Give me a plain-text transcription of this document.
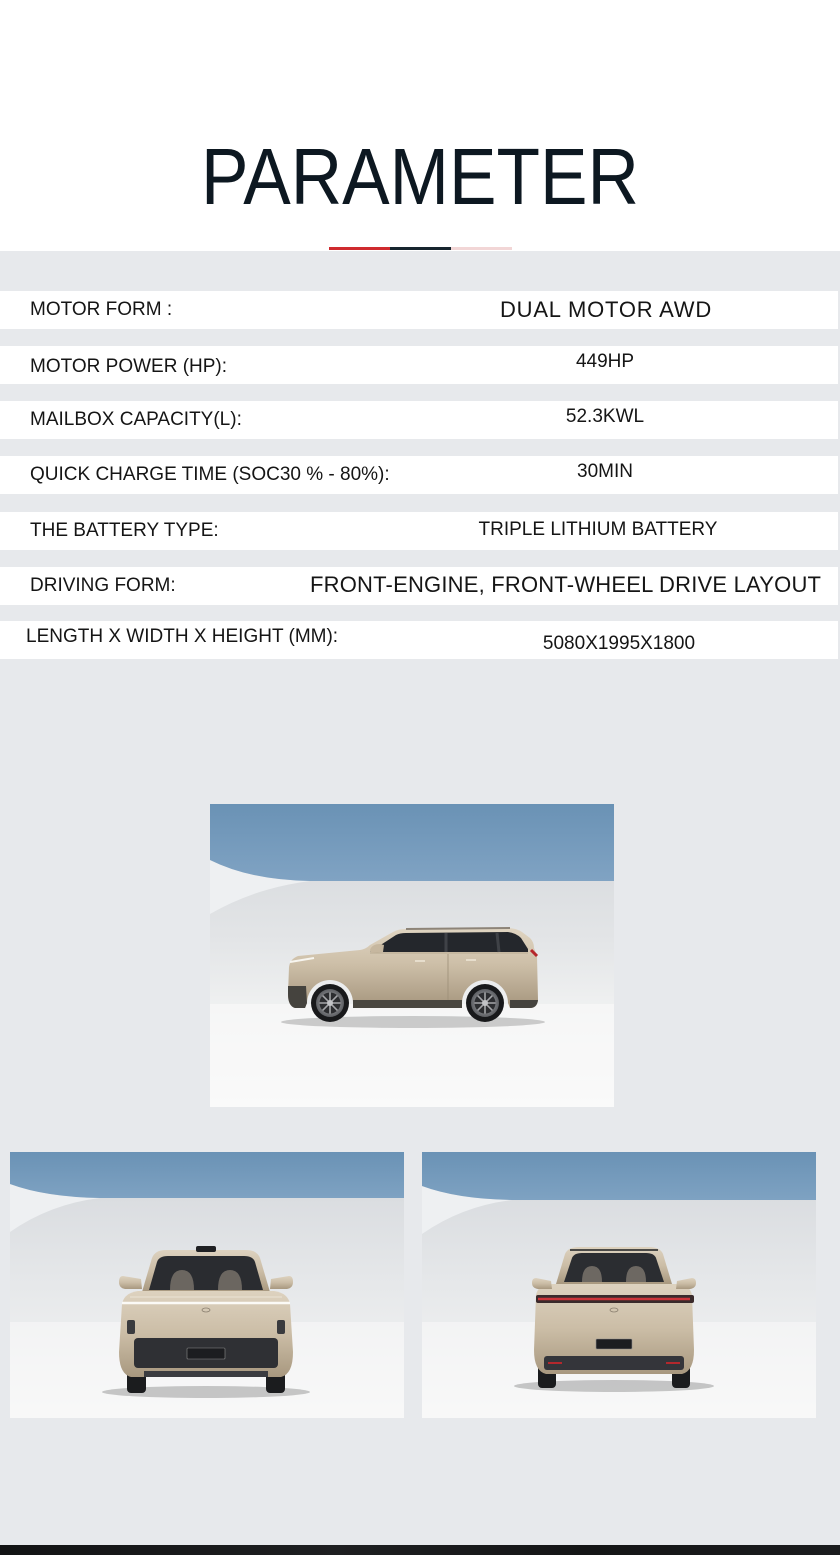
PARAMETER
MOTOR FORM :	DUAL MOTOR AWD
MOTOR POWER (HP):	449HP
MAILBOX CAPACITY(L):	52.3KWL
QUICK CHARGE TIME (SOC30 % - 80%):	30MIN
THE BATTERY TYPE:	TRIPLE LITHIUM BATTERY
DRIVING FORM:	FRONT-ENGINE, FRONT-WHEEL DRIVE LAYOUT
LENGTH X WIDTH X HEIGHT (MM):	5080X1995X1800
